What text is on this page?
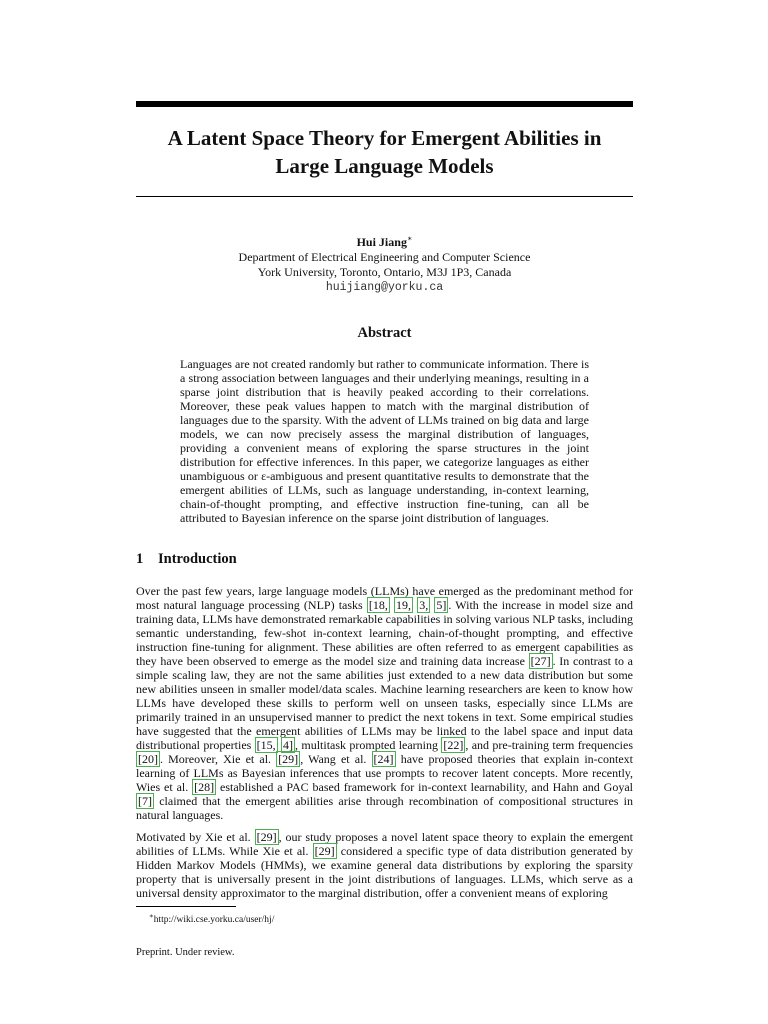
A Latent Space Theory for Emergent Abilities in
Large Language Models
Hui Jiang∗
Department of Electrical Engineering and Computer Science
York University, Toronto, Ontario, M3J 1P3, Canada
huijiang@yorku.ca
Abstract

Languages are not created randomly but rather to communicate information. There is a strong association between languages and their underlying meanings, resulting in a sparse joint distribution that is heavily peaked according to their correlations. Moreover, these peak values happen to match with the marginal distribution of languages due to the sparsity. With the advent of LLMs trained on big data and large models, we can now precisely assess the marginal distribution of languages, providing a convenient means of exploring the sparse structures in the joint distribution for effective inferences. In this paper, we categorize languages as either unambiguous or ε-ambiguous and present quantitative results to demonstrate that the emergent abilities of LLMs, such as language understanding, in-context learning, chain-of-thought prompting, and effective instruction fine-tuning, can all be attributed to Bayesian inference on the sparse joint distribution of languages.

1 Introduction

Over the past few years, large language models (LLMs) have emerged as the predominant method for most natural language processing (NLP) tasks [18, 19, 3, 5] . With the increase in model size and training data, LLMs have demonstrated remarkable capabilities in solving various NLP tasks, including semantic understanding, few-shot in-context learning, chain-of-thought prompting, and effective instruction fine-tuning for alignment. These abilities are often referred to as emergent capabilities as they have been observed to emerge as the model size and training data increase [27] . In contrast to a simple scaling law, they are not the same abilities just extended to a new data distribution but some new abilities unseen in smaller model/data scales. Machine learning researchers are keen to know how LLMs have developed these skills to perform well on unseen tasks, especially since LLMs are primarily trained in an unsupervised manner to predict the next tokens in text. Some empirical studies have suggested that the emergent abilities of LLMs may be linked to the label space and input data distributional properties [15, 4] , multitask prompted learning [22] , and pre-training term frequencies [20] . Moreover, Xie et al. [29] , Wang et al. [24] have proposed theories that explain in-context learning of LLMs as Bayesian inferences that use prompts to recover latent concepts. More recently, Wies et al. [28] established a PAC based framework for in-context learnability, and Hahn and Goyal [7] claimed that the emergent abilities arise through recombination of compositional structures in natural languages.

Motivated by Xie et al. [29] , our study proposes a novel latent space theory to explain the emergent abilities of LLMs. While Xie et al. [29] considered a specific type of data distribution generated by Hidden Markov Models (HMMs), we examine general data distributions by exploring the sparsity property that is universally present in the joint distributions of languages. LLMs, which serve as a universal density approximator to the marginal distribution, offer a convenient means of exploring

∗http://wiki.cse.yorku.ca/user/hj/
Preprint. Under review.
